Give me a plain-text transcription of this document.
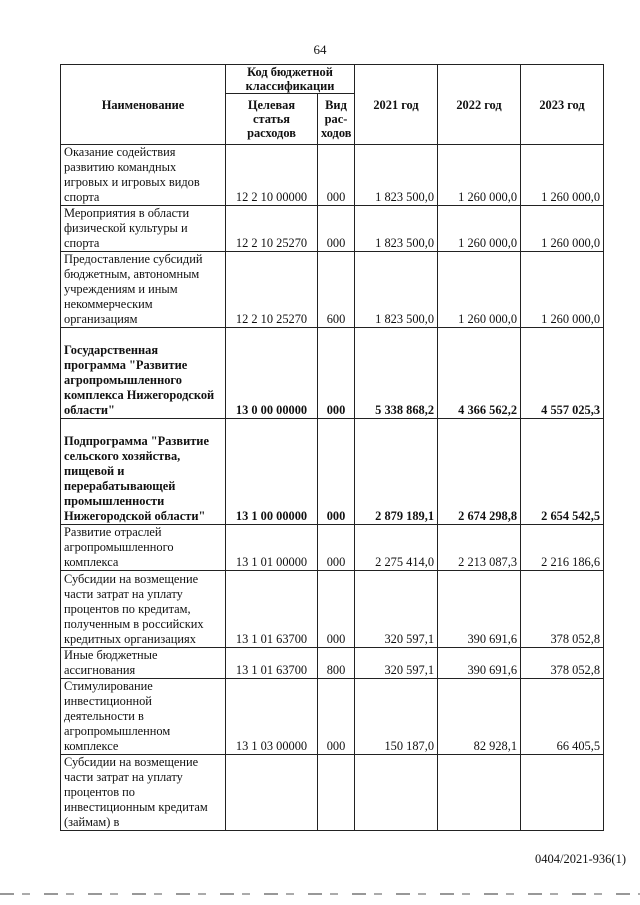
64
Наименование	Код бюджетной классификации		2021 год	2022 год	2023 год
	Целевая статья расходов	Вид рас-ходов			
Оказание содействия развитию командных игровых и игровых видов спорта	12 2 10 00000	000	1 823 500,0	1 260 000,0	1 260 000,0
Мероприятия в области физической культуры и спорта	12 2 10 25270	000	1 823 500,0	1 260 000,0	1 260 000,0
Предоставление субсидий бюджетным, автономным учреждениям и иным некоммерческим организациям	12 2 10 25270	600	1 823 500,0	1 260 000,0	1 260 000,0
Государственная программа "Развитие агропромышленного комплекса Нижегородской области"	13 0 00 00000	000	5 338 868,2	4 366 562,2	4 557 025,3
Подпрограмма "Развитие сельского хозяйства, пищевой и перерабатывающей промышленности Нижегородской области"	13 1 00 00000	000	2 879 189,1	2 674 298,8	2 654 542,5
Развитие отраслей агропромышленного комплекса	13 1 01 00000	000	2 275 414,0	2 213 087,3	2 216 186,6
Субсидии на возмещение части затрат на уплату процентов по кредитам, полученным в российских кредитных организациях	13 1 01 63700	000	320 597,1	390 691,6	378 052,8
Иные бюджетные ассигнования	13 1 01 63700	800	320 597,1	390 691,6	378 052,8
Стимулирование инвестиционной деятельности в агропромышленном комплексе	13 1 03 00000	000	150 187,0	82 928,1	66 405,5
Субсидии на возмещение части затрат на уплату процентов по инвестиционным кредитам (займам) в					
0404/2021-936(1)
